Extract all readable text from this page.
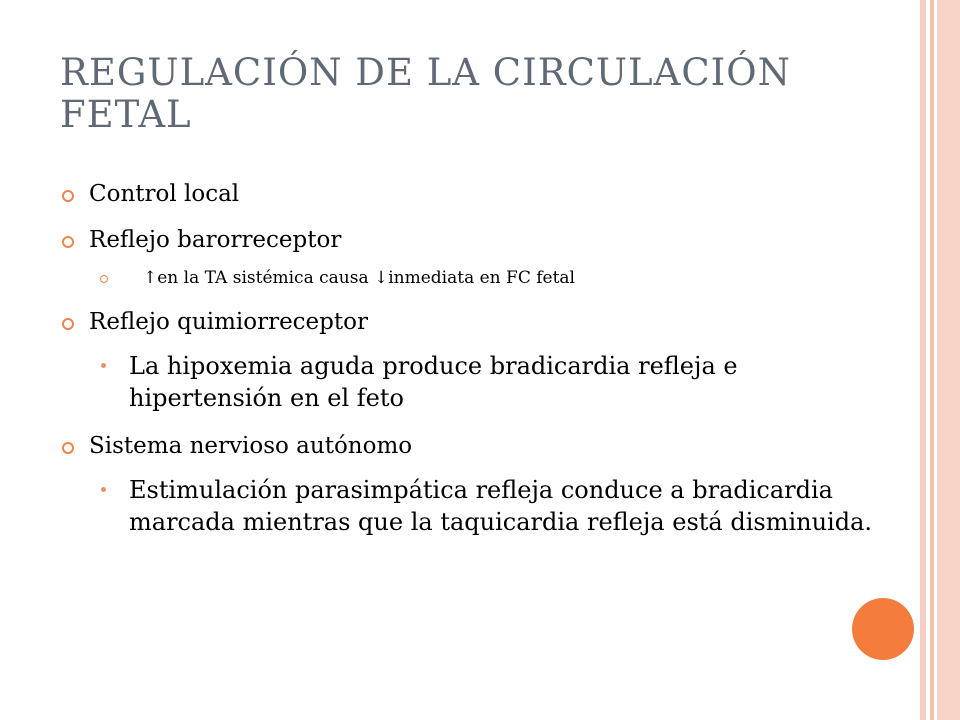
REGULACIÓN DE LA CIRCULACIÓN FETAL
Control local
Reflejo barorreceptor
↑en la TA sistémica causa ↓inmediata en FC fetal
Reflejo quimiorreceptor
La hipoxemia aguda produce bradicardia refleja e hipertensión en el feto
Sistema nervioso autónomo
Estimulación parasimpática refleja conduce a bradicardia marcada mientras que la taquicardia refleja está disminuida.
